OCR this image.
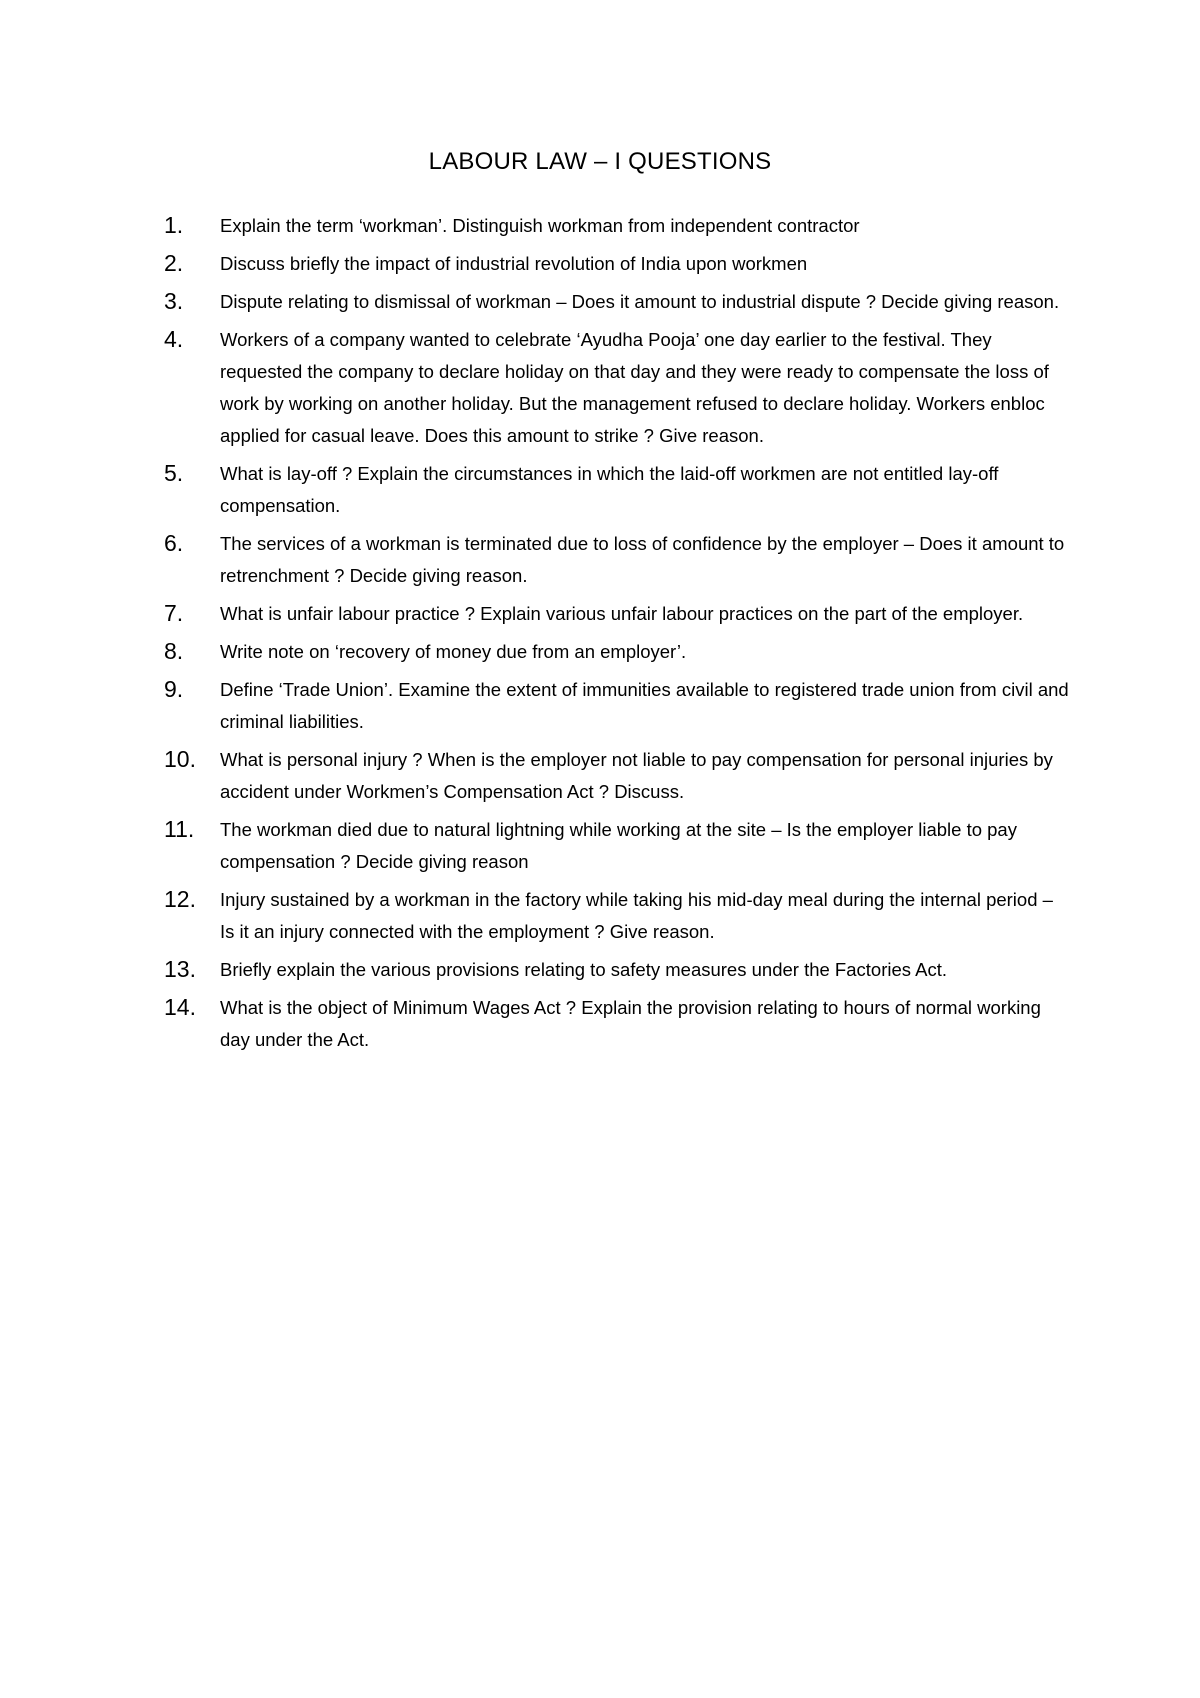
LABOUR LAW – I QUESTIONS
1. Explain the term ‘workman’. Distinguish workman from independent contractor
2. Discuss briefly the impact of industrial revolution of India upon workmen
3. Dispute relating to dismissal of workman – Does it amount to industrial dispute ? Decide giving reason.
4. Workers of a company wanted to celebrate ‘Ayudha Pooja’ one day earlier to the festival. They requested the company to declare holiday on that day and they were ready to compensate the loss of work by working on another holiday. But the management refused to declare holiday. Workers enbloc applied for casual leave. Does this amount to strike ? Give reason.
5. What is lay-off ? Explain the circumstances in which the laid-off workmen are not entitled lay-off compensation.
6. The services of a workman is terminated due to loss of confidence by the employer – Does it amount to retrenchment ? Decide giving reason.
7. What is unfair labour practice ? Explain various unfair labour practices on the part of the employer.
8. Write note on ‘recovery of money due from an employer’.
9. Define ‘Trade Union’. Examine the extent of immunities available to registered trade union from civil and criminal liabilities.
10. What is personal injury ? When is the employer not liable to pay compensation for personal injuries by accident under Workmen’s Compensation Act ? Discuss.
11. The workman died due to natural lightning while working at the site – Is the employer liable to pay compensation ? Decide giving reason
12. Injury sustained by a workman in the factory while taking his mid-day meal during the internal period – Is it an injury connected with the employment ? Give reason.
13. Briefly explain the various provisions relating to safety measures under the Factories Act.
14. What is the object of Minimum Wages Act ? Explain the provision relating to hours of normal working day under the Act.
